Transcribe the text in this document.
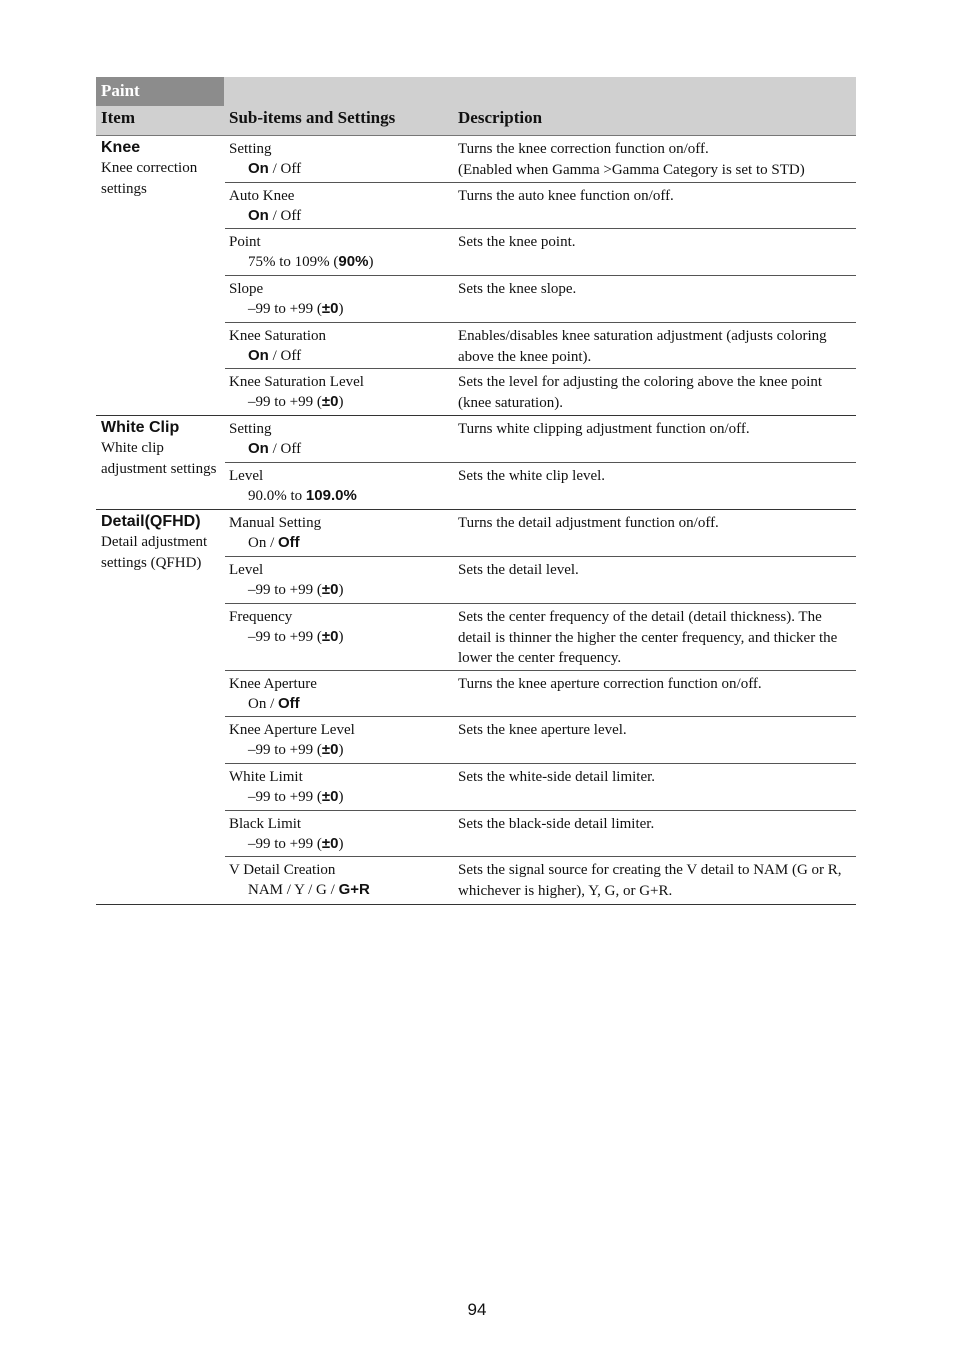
Paint
Item	Sub-items and Settings	Description
Knee
Knee correction settings
Setting
On / Off
Turns the knee correction function on/off.
(Enabled when Gamma >Gamma Category is set to STD)
Auto Knee
On / Off
Turns the auto knee function on/off.
Point
75% to 109% (90%)
Sets the knee point.
Slope
–99 to +99 (±0)
Sets the knee slope.
Knee Saturation
On / Off
Enables/disables knee saturation adjustment (adjusts coloring above the knee point).
Knee Saturation Level
–99 to +99 (±0)
Sets the level for adjusting the coloring above the knee point (knee saturation).
White Clip
White clip adjustment settings
Setting
On / Off
Turns white clipping adjustment function on/off.
Level
90.0% to 109.0%
Sets the white clip level.
Detail(QFHD)
Detail adjustment settings (QFHD)
Manual Setting
On / Off
Turns the detail adjustment function on/off.
Level
–99 to +99 (±0)
Sets the detail level.
Frequency
–99 to +99 (±0)
Sets the center frequency of the detail (detail thickness). The detail is thinner the higher the center frequency, and thicker the lower the center frequency.
Knee Aperture
On / Off
Turns the knee aperture correction function on/off.
Knee Aperture Level
–99 to +99 (±0)
Sets the knee aperture level.
White Limit
–99 to +99 (±0)
Sets the white-side detail limiter.
Black Limit
–99 to +99 (±0)
Sets the black-side detail limiter.
V Detail Creation
NAM / Y / G / G+R
Sets the signal source for creating the V detail to NAM (G or R, whichever is higher), Y, G, or G+R.
94
